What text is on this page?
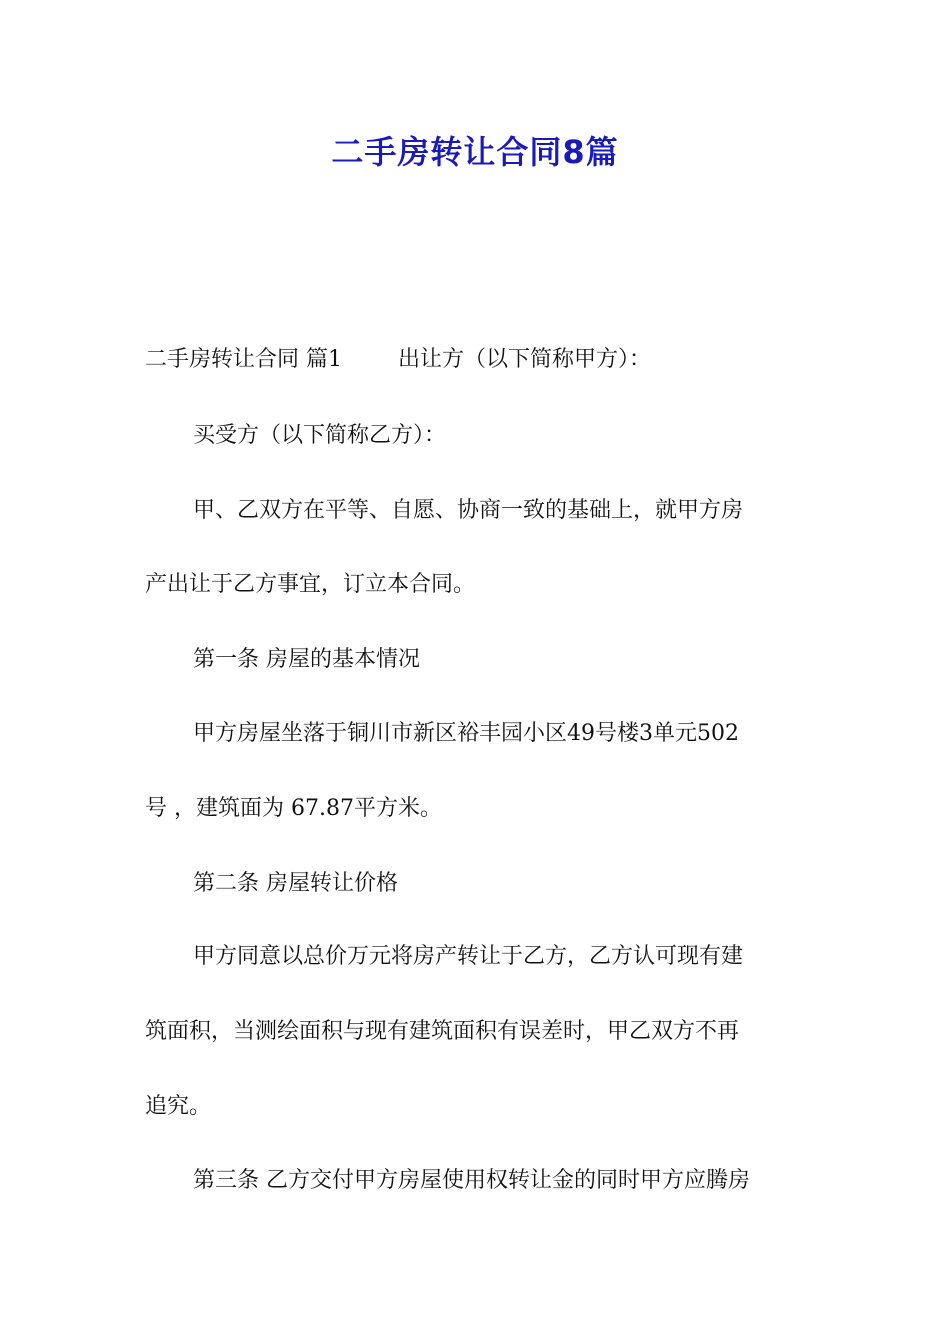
二手房转让合同8篇

二手房转让合同 篇1	出让方（以下简称甲方）：

买受方（以下简称乙方）：

甲、乙双方在平等、自愿、协商一致的基础上，就甲方房

产出让于乙方事宜，订立本合同。

第一条 房屋的基本情况

甲方房屋坐落于铜川市新区裕丰园小区49号楼3单元502

号 ，建筑面为 67.87平方米。

第二条 房屋转让价格

甲方同意以总价万元将房产转让于乙方，乙方认可现有建

筑面积，当测绘面积与现有建筑面积有误差时，甲乙双方不再

追究。

第三条 乙方交付甲方房屋使用权转让金的同时甲方应腾房
